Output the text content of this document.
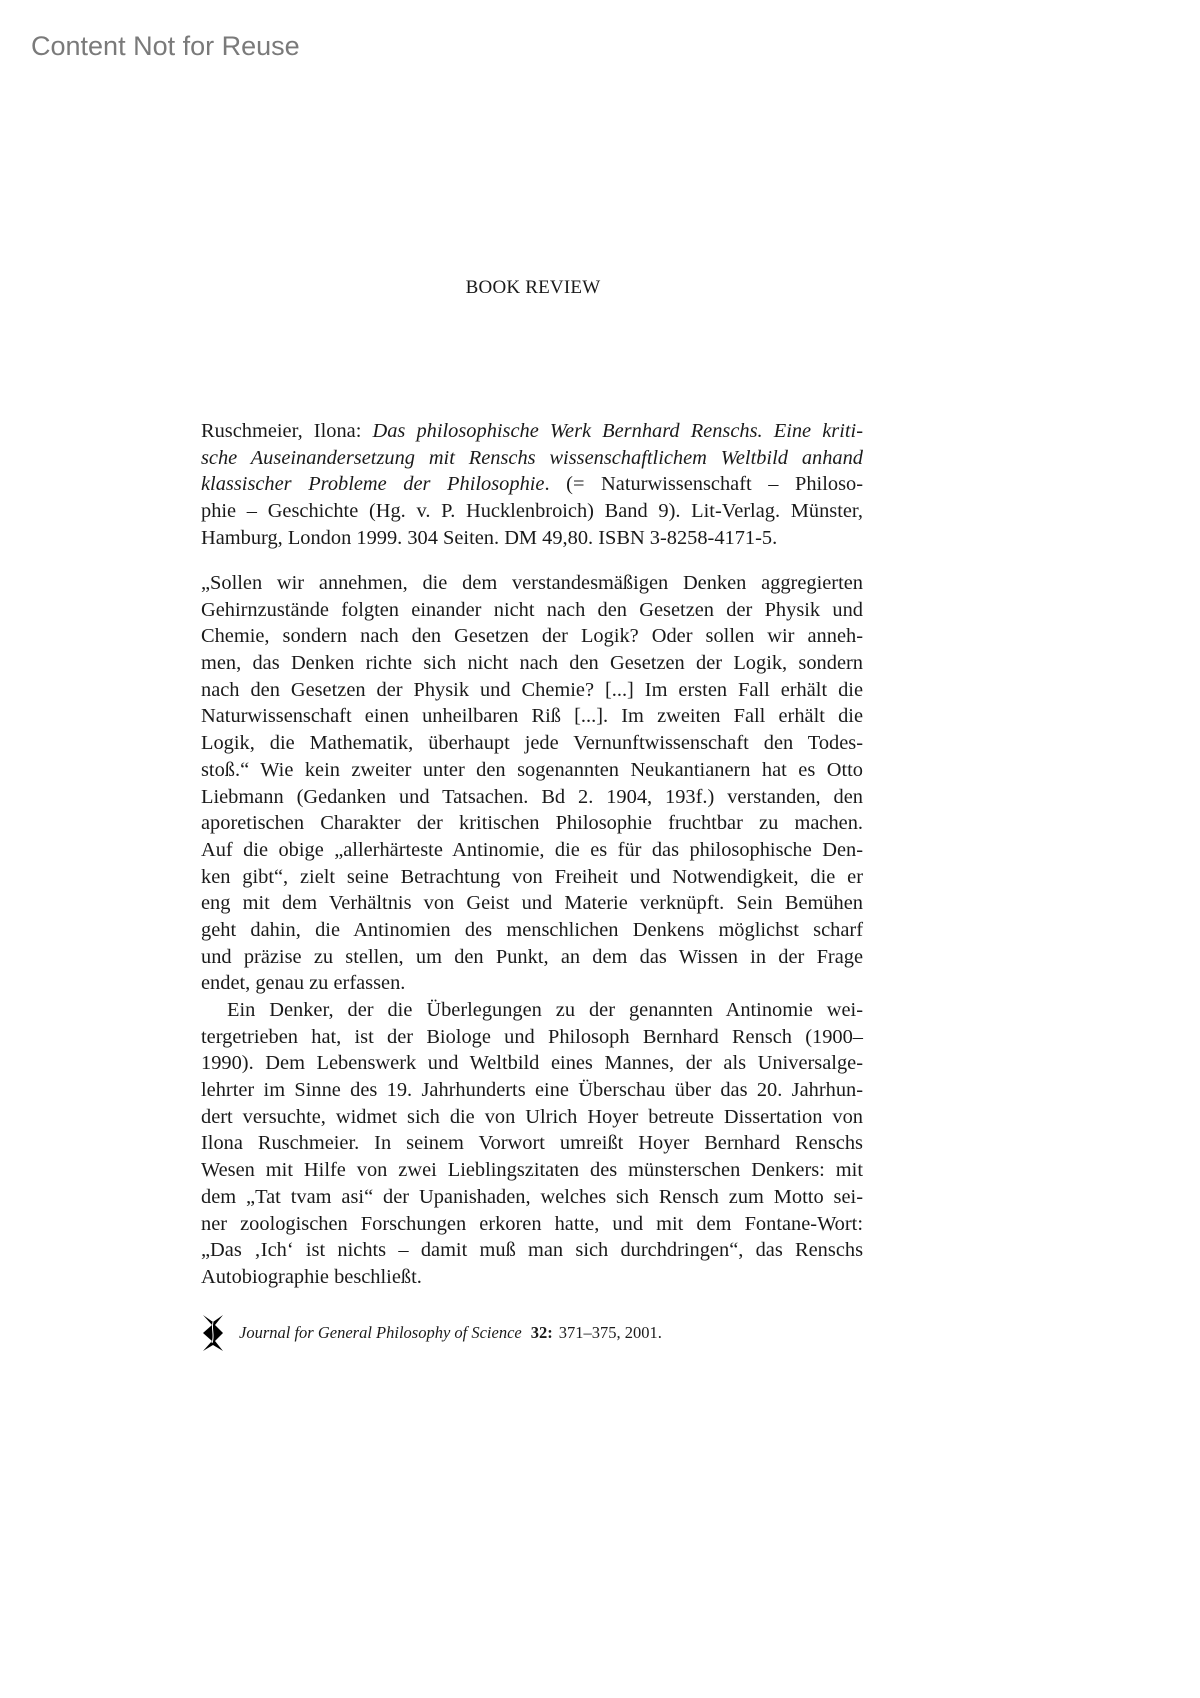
Content Not for Reuse
BOOK REVIEW
Ruschmeier, Ilona: Das philosophische Werk Bernhard Renschs. Eine kriti-
sche Auseinandersetzung mit Renschs wissenschaftlichem Weltbild anhand
klassischer Probleme der Philosophie. (= Naturwissenschaft – Philoso-
phie – Geschichte (Hg. v. P. Hucklenbroich) Band 9). Lit-Verlag. Münster,
Hamburg, London 1999. 304 Seiten. DM 49,80. ISBN 3-8258-4171-5.
„Sollen wir annehmen, die dem verstandesmäßigen Denken aggregierten
Gehirnzustände folgten einander nicht nach den Gesetzen der Physik und
Chemie, sondern nach den Gesetzen der Logik? Oder sollen wir anneh-
men, das Denken richte sich nicht nach den Gesetzen der Logik, sondern
nach den Gesetzen der Physik und Chemie? [...] Im ersten Fall erhält die
Naturwissenschaft einen unheilbaren Riß [...]. Im zweiten Fall erhält die
Logik, die Mathematik, überhaupt jede Vernunftwissenschaft den Todes-
stoß.“ Wie kein zweiter unter den sogenannten Neukantianern hat es Otto
Liebmann (Gedanken und Tatsachen. Bd 2. 1904, 193f.) verstanden, den
aporetischen Charakter der kritischen Philosophie fruchtbar zu machen.
Auf die obige „allerhärteste Antinomie, die es für das philosophische Den-
ken gibt“, zielt seine Betrachtung von Freiheit und Notwendigkeit, die er
eng mit dem Verhältnis von Geist und Materie verknüpft. Sein Bemühen
geht dahin, die Antinomien des menschlichen Denkens möglichst scharf
und präzise zu stellen, um den Punkt, an dem das Wissen in der Frage
endet, genau zu erfassen.
Ein Denker, der die Überlegungen zu der genannten Antinomie wei-
tergetrieben hat, ist der Biologe und Philosoph Bernhard Rensch (1900–
1990). Dem Lebenswerk und Weltbild eines Mannes, der als Universalge-
lehrter im Sinne des 19. Jahrhunderts eine Überschau über das 20. Jahrhun-
dert versuchte, widmet sich die von Ulrich Hoyer betreute Dissertation von
Ilona Ruschmeier. In seinem Vorwort umreißt Hoyer Bernhard Renschs
Wesen mit Hilfe von zwei Lieblingszitaten des münsterschen Denkers: mit
dem „Tat tvam asi“ der Upanishaden, welches sich Rensch zum Motto sei-
ner zoologischen Forschungen erkoren hatte, und mit dem Fontane-Wort:
„Das ‚Ich‘ ist nichts – damit muß man sich durchdringen“, das Renschs
Autobiographie beschließt.
Journal for General Philosophy of Science 32: 371–375, 2001.
